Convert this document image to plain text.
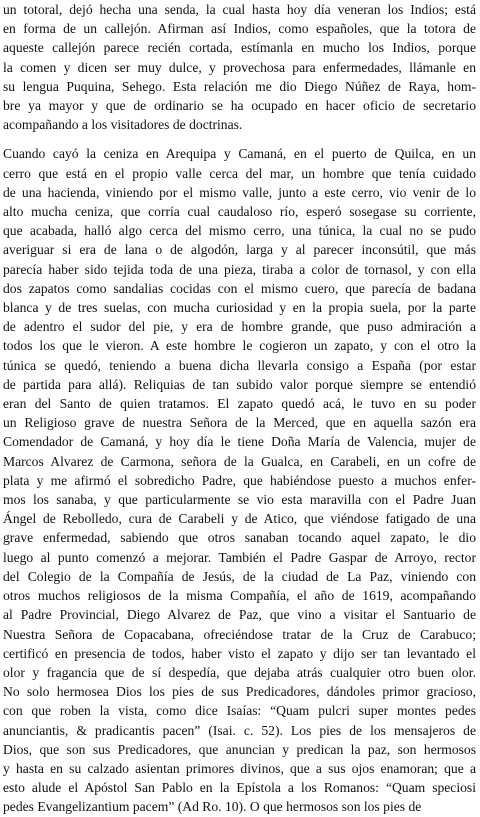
un totoral, dejó hecha una senda, la cual hasta hoy día veneran los Indios; está
en forma de un callejón. Afirman así Indios, como españoles, que la totora de
aqueste callejón parece recién cortada, estímanla en mucho los Indios, porque
la comen y dicen ser muy dulce, y provechosa para enfermedades, llámanle en
su lengua Puquina, Sehego. Esta relación me dio Diego Núñez de Raya, hom-
bre ya mayor y que de ordinario se ha ocupado en hacer oficio de secretario
acompañando a los visitadores de doctrinas.

Cuando cayó la ceniza en Arequipa y Camaná, en el puerto de Quilca, en un
cerro que está en el propio valle cerca del mar, un hombre que tenía cuidado
de una hacienda, viniendo por el mismo valle, junto a este cerro, vio venir de lo
alto mucha ceniza, que corría cual caudaloso río, esperó sosegase su corriente,
que acabada, halló algo cerca del mismo cerro, una túnica, la cual no se pudo
averiguar si era de lana o de algodón, larga y al parecer inconsútil, que más
parecía haber sido tejida toda de una pieza, tiraba a color de tornasol, y con ella
dos zapatos como sandalias cocidas con el mismo cuero, que parecía de badana
blanca y de tres suelas, con mucha curiosidad y en la propia suela, por la parte
de adentro el sudor del pie, y era de hombre grande, que puso admiración a
todos los que le vieron. A este hombre le cogieron un zapato, y con el otro la
túnica se quedó, teniendo a buena dicha llevarla consigo a España (por estar
de partida para allá). Reliquias de tan subido valor porque siempre se entendió
eran del Santo de quien tratamos. El zapato quedó acá, le tuvo en su poder
un Religioso grave de nuestra Señora de la Merced, que en aquella sazón era
Comendador de Camaná, y hoy día le tiene Doña María de Valencia, mujer de
Marcos Alvarez de Carmona, señora de la Gualca, en Carabeli, en un cofre de
plata y me afirmó el sobredicho Padre, que habiéndose puesto a muchos enfer-
mos los sanaba, y que particularmente se vio esta maravilla con el Padre Juan
Ángel de Rebolledo, cura de Carabeli y de Atico, que viéndose fatigado de una
grave enfermedad, sabiendo que otros sanaban tocando aquel zapato, le dio
luego al punto comenzó a mejorar. También el Padre Gaspar de Arroyo, rector
del Colegio de la Compañía de Jesús, de la ciudad de La Paz, viniendo con
otros muchos religiosos de la misma Compañía, el año de 1619, acompañando
al Padre Provincial, Diego Alvarez de Paz, que vino a visitar el Santuario de
Nuestra Señora de Copacabana, ofreciéndose tratar de la Cruz de Carabuco;
certificó en presencia de todos, haber visto el zapato y dijo ser tan levantado el
olor y fragancia que de sí despedía, que dejaba atrás cualquier otro buen olor.
No solo hermosea Dios los pies de sus Predicadores, dándoles primor gracioso,
con que roben la vista, como dice Isaías: “Quam pulcri super montes pedes
anunciantis, & pradicantis pacen” (Isai. c. 52). Los pies de los mensajeros de
Dios, que son sus Predicadores, que anuncian y predican la paz, son hermosos
y hasta en su calzado asientan primores divinos, que a sus ojos enamoran; que a
esto alude el Apóstol San Pablo en la Epístola a los Romanos: “Quam speciosi
pedes Evangelizantium pacem” (Ad Ro. 10). O que hermosos son los pies de
